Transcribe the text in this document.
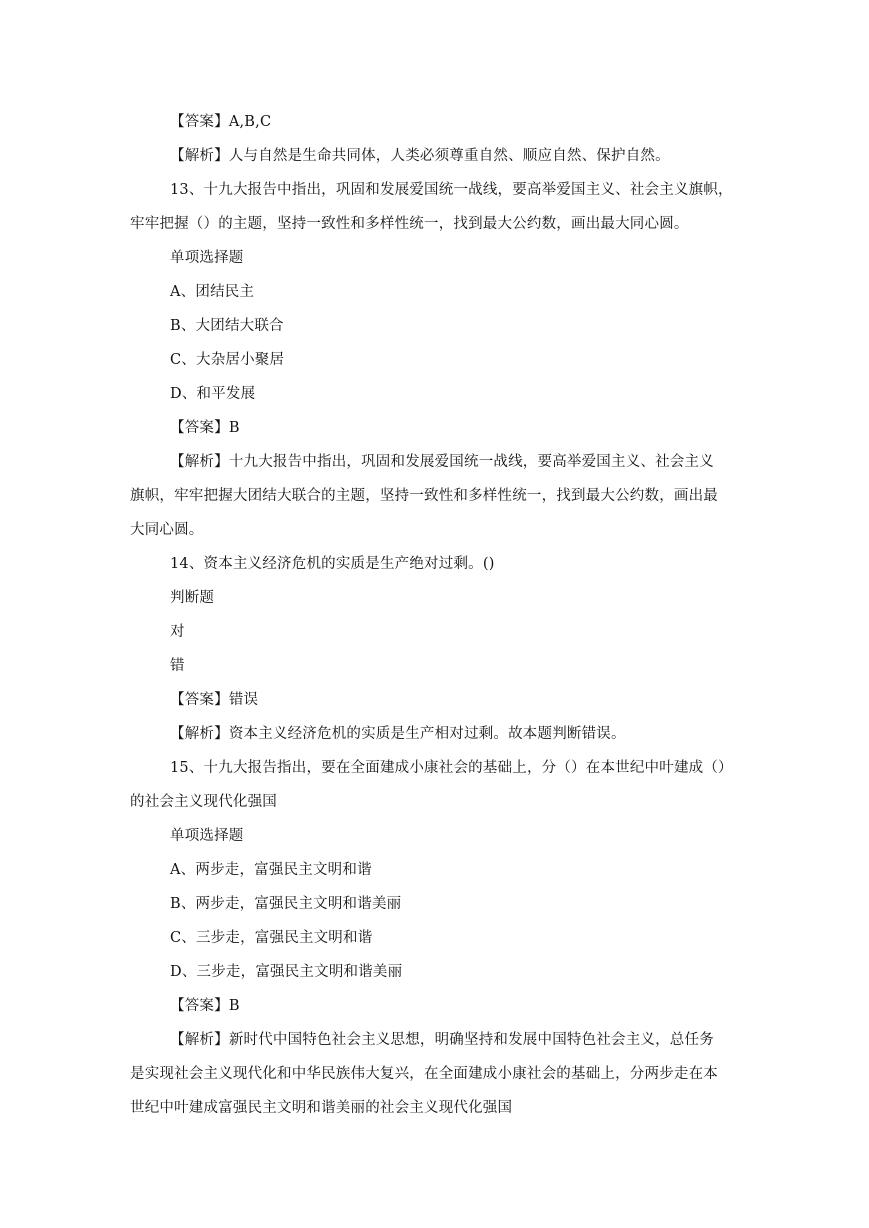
【答案】A,B,C
【解析】人与自然是生命共同体，人类必须尊重自然、顺应自然、保护自然。
13、十九大报告中指出，巩固和发展爱国统一战线，要高举爱国主义、社会主义旗帜，
牢牢把握（）的主题，坚持一致性和多样性统一，找到最大公约数，画出最大同心圆。
单项选择题
A、团结民主
B、大团结大联合
C、大杂居小聚居
D、和平发展
【答案】B
【解析】十九大报告中指出，巩固和发展爱国统一战线，要高举爱国主义、社会主义
旗帜，牢牢把握大团结大联合的主题，坚持一致性和多样性统一，找到最大公约数，画出最
大同心圆。
14、资本主义经济危机的实质是生产绝对过剩。()
判断题
对
错
【答案】错误
【解析】资本主义经济危机的实质是生产相对过剩。故本题判断错误。
15、十九大报告指出，要在全面建成小康社会的基础上，分（）在本世纪中叶建成（）
的社会主义现代化强国
单项选择题
A、两步走，富强民主文明和谐
B、两步走，富强民主文明和谐美丽
C、三步走，富强民主文明和谐
D、三步走，富强民主文明和谐美丽
【答案】B
【解析】新时代中国特色社会主义思想，明确坚持和发展中国特色社会主义，总任务
是实现社会主义现代化和中华民族伟大复兴，在全面建成小康社会的基础上，分两步走在本
世纪中叶建成富强民主文明和谐美丽的社会主义现代化强国
